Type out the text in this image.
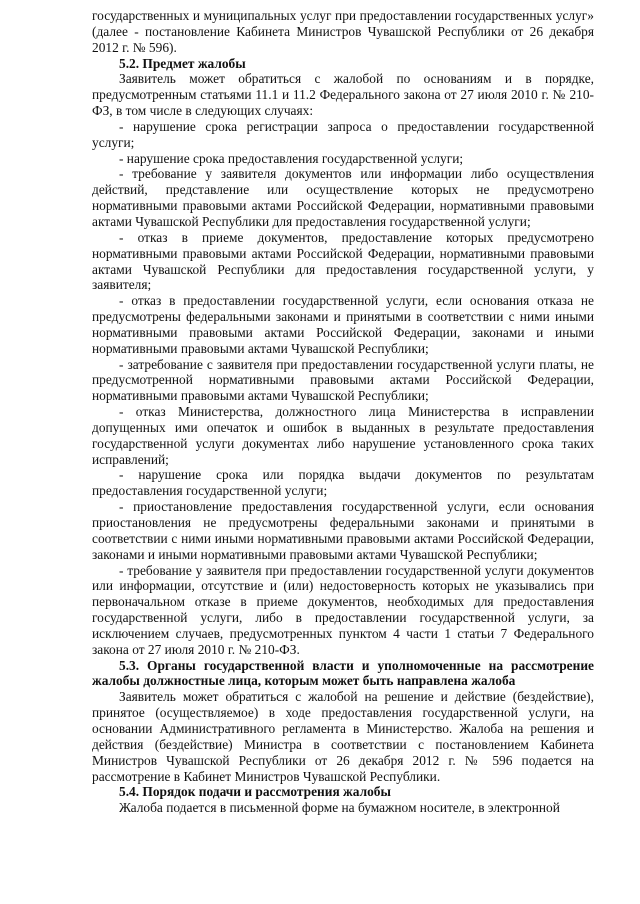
государственных и муниципальных услуг при предоставлении государственных услуг» (далее - постановление Кабинета Министров Чувашской Республики от 26 декабря 2012 г. № 596).

5.2. Предмет жалобы

Заявитель может обратиться с жалобой по основаниям и в порядке, предусмотренным статьями 11.1 и 11.2 Федерального закона от 27 июля 2010 г. № 210-ФЗ, в том числе в следующих случаях:

- нарушение срока регистрации запроса о предоставлении государственной услуги;

- нарушение срока предоставления государственной услуги;

- требование у заявителя документов или информации либо осуществления действий, представление или осуществление которых не предусмотрено нормативными правовыми актами Российской Федерации, нормативными правовыми актами Чувашской Республики для предоставления государственной услуги;

- отказ в приеме документов, предоставление которых предусмотрено нормативными правовыми актами Российской Федерации, нормативными правовыми актами Чувашской Республики для предоставления государственной услуги, у заявителя;

- отказ в предоставлении государственной услуги, если основания отказа не предусмотрены федеральными законами и принятыми в соответствии с ними иными нормативными правовыми актами Российской Федерации, законами и иными нормативными правовыми актами Чувашской Республики;

- затребование с заявителя при предоставлении государственной услуги платы, не предусмотренной нормативными правовыми актами Российской Федерации, нормативными правовыми актами Чувашской Республики;

- отказ Министерства, должностного лица Министерства в исправлении допущенных ими опечаток и ошибок в выданных в результате предоставления государственной услуги документах либо нарушение установленного срока таких исправлений;

- нарушение срока или порядка выдачи документов по результатам предоставления государственной услуги;

- приостановление предоставления государственной услуги, если основания приостановления не предусмотрены федеральными законами и принятыми в соответствии с ними иными нормативными правовыми актами Российской Федерации, законами и иными нормативными правовыми актами Чувашской Республики;

- требование у заявителя при предоставлении государственной услуги документов или информации, отсутствие и (или) недостоверность которых не указывались при первоначальном отказе в приеме документов, необходимых для предоставления государственной услуги, либо в предоставлении государственной услуги, за исключением случаев, предусмотренных пунктом 4 части 1 статьи 7 Федерального закона от 27 июля 2010 г. № 210-ФЗ.

5.3. Органы государственной власти и уполномоченные на рассмотрение жалобы должностные лица, которым может быть направлена жалоба

Заявитель может обратиться с жалобой на решение и действие (бездействие), принятое (осуществляемое) в ходе предоставления государственной услуги, на основании Административного регламента в Министерство. Жалоба на решения и действия (бездействие) Министра в соответствии с постановлением Кабинета Министров Чувашской Республики от 26 декабря 2012 г. № 596 подается на рассмотрение в Кабинет Министров Чувашской Республики.

5.4. Порядок подачи и рассмотрения жалобы

Жалоба подается в письменной форме на бумажном носителе, в электронной
